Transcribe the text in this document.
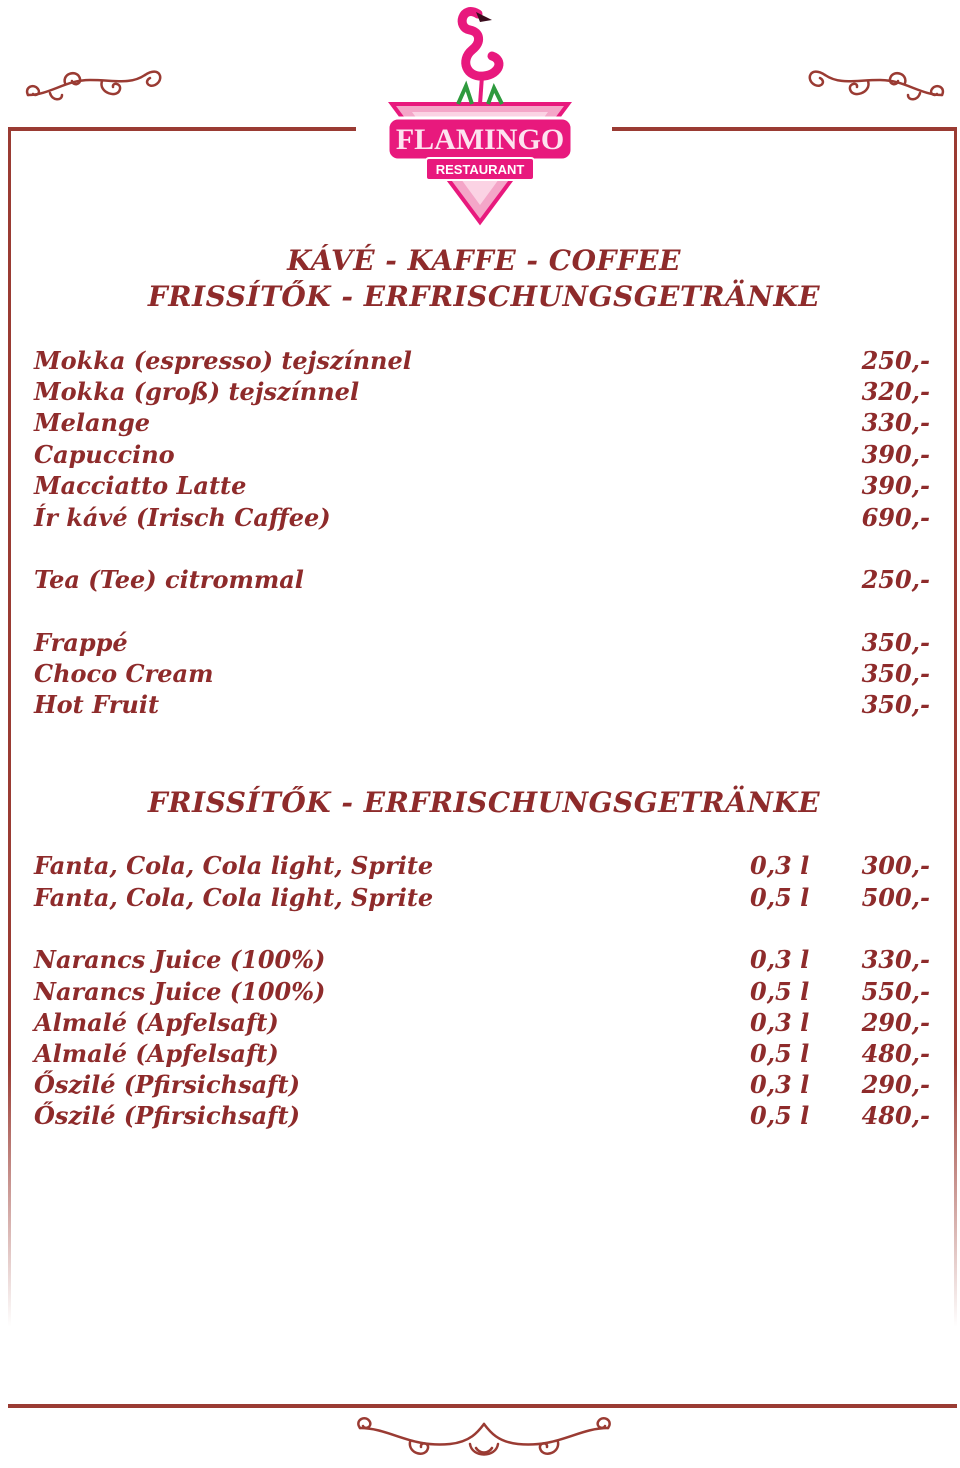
FLAMINGO
RESTAURANT
KÁVÉ - KAFFE - COFFEE
FRISSÍTŐK - ERFRISCHUNGSGETRÄNKE
Mokka (espresso) tejszínnel	250,-
Mokka (groß) tejszínnel	320,-
Melange	330,-
Capuccino	390,-
Macciatto Latte	390,-
Ír kávé (Irisch Caffee)	690,-
Tea (Tee) citrommal	250,-
Frappé	350,-
Choco Cream	350,-
Hot Fruit	350,-
FRISSÍTŐK - ERFRISCHUNGSGETRÄNKE
Fanta, Cola, Cola light, Sprite	0,3 l 300,-
Fanta, Cola, Cola light, Sprite	0,5 l 500,-
Narancs Juice (100%)	0,3 l 330,-
Narancs Juice (100%)	0,5 l 550,-
Almalé (Apfelsaft)	0,3 l 290,-
Almalé (Apfelsaft)	0,5 l 480,-
Őszilé (Pfirsichsaft)	0,3 l 290,-
Őszilé (Pfirsichsaft)	0,5 l 480,-
